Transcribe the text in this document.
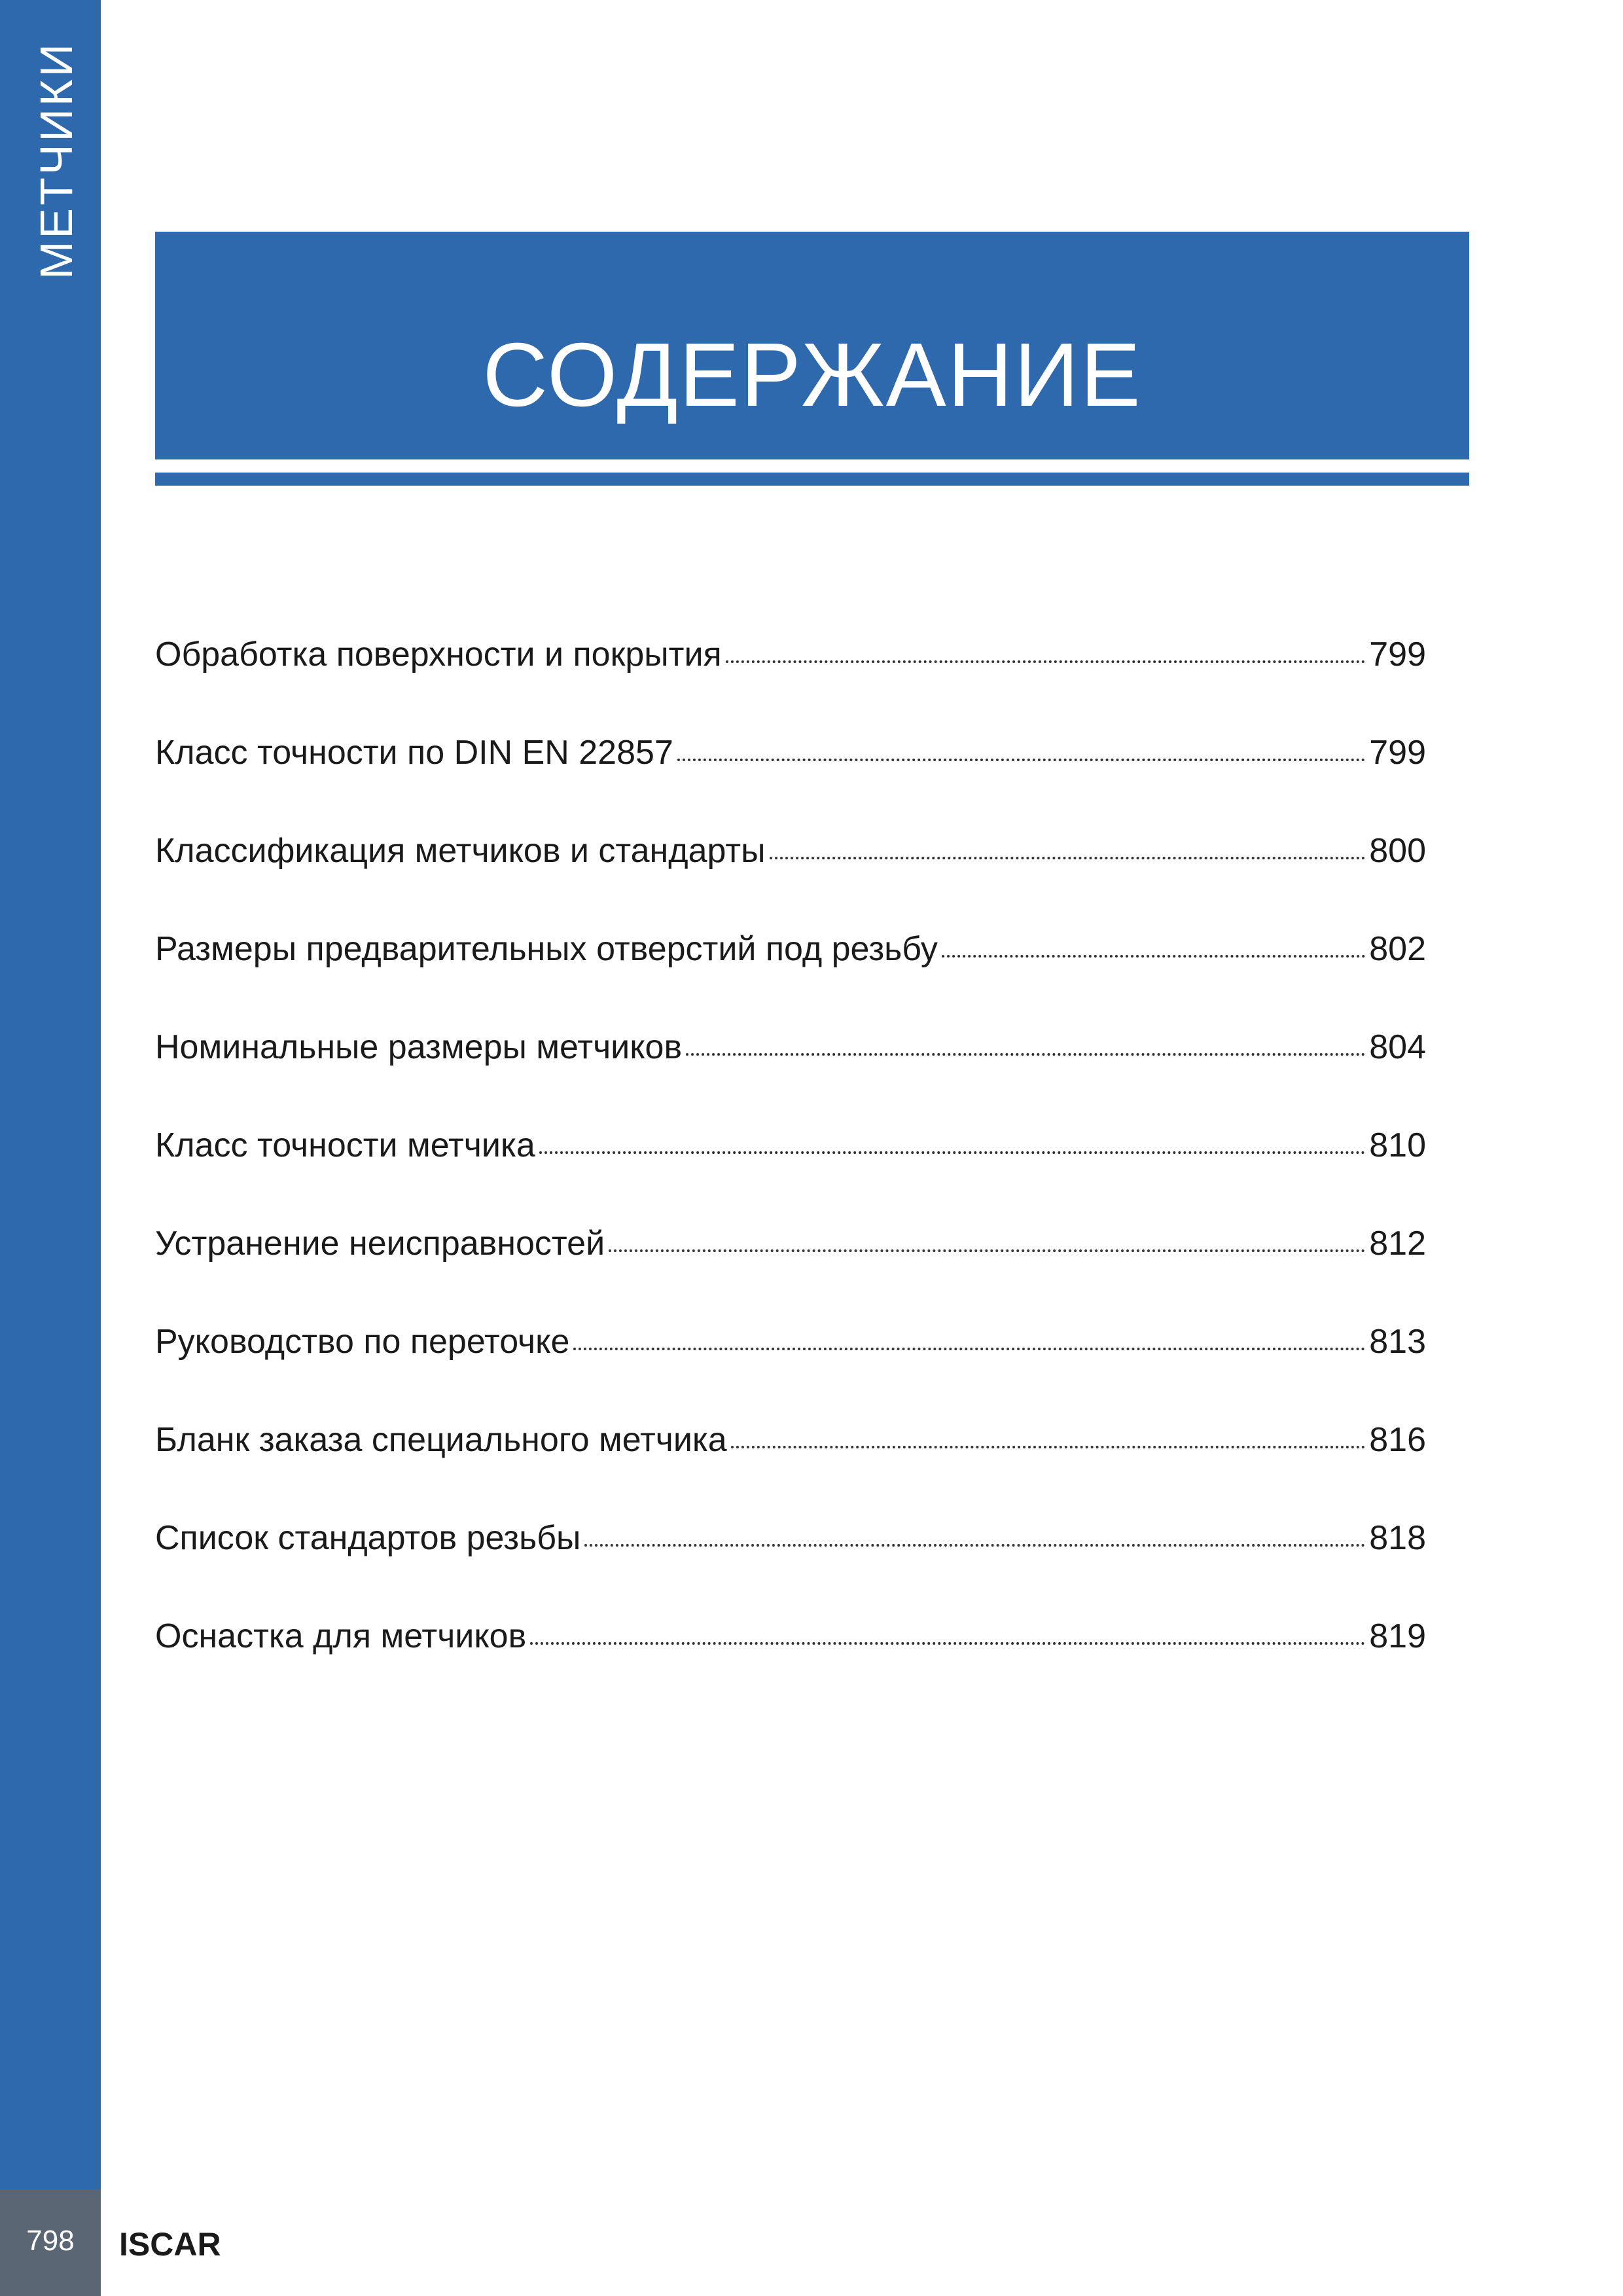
МЕТЧИКИ
798	ISCAR
СОДЕРЖАНИЕ
Обработка поверхности и покрытия	799
Класс точности по DIN EN 22857	799
Классификация метчиков и стандарты	800
Размеры предварительных отверстий под резьбу	802
Номинальные размеры метчиков	804
Класс точности метчика	810
Устранение неисправностей	812
Руководство по переточке	813
Бланк заказа специального метчика	816
Список стандартов резьбы	818
Оснастка для метчиков	819
